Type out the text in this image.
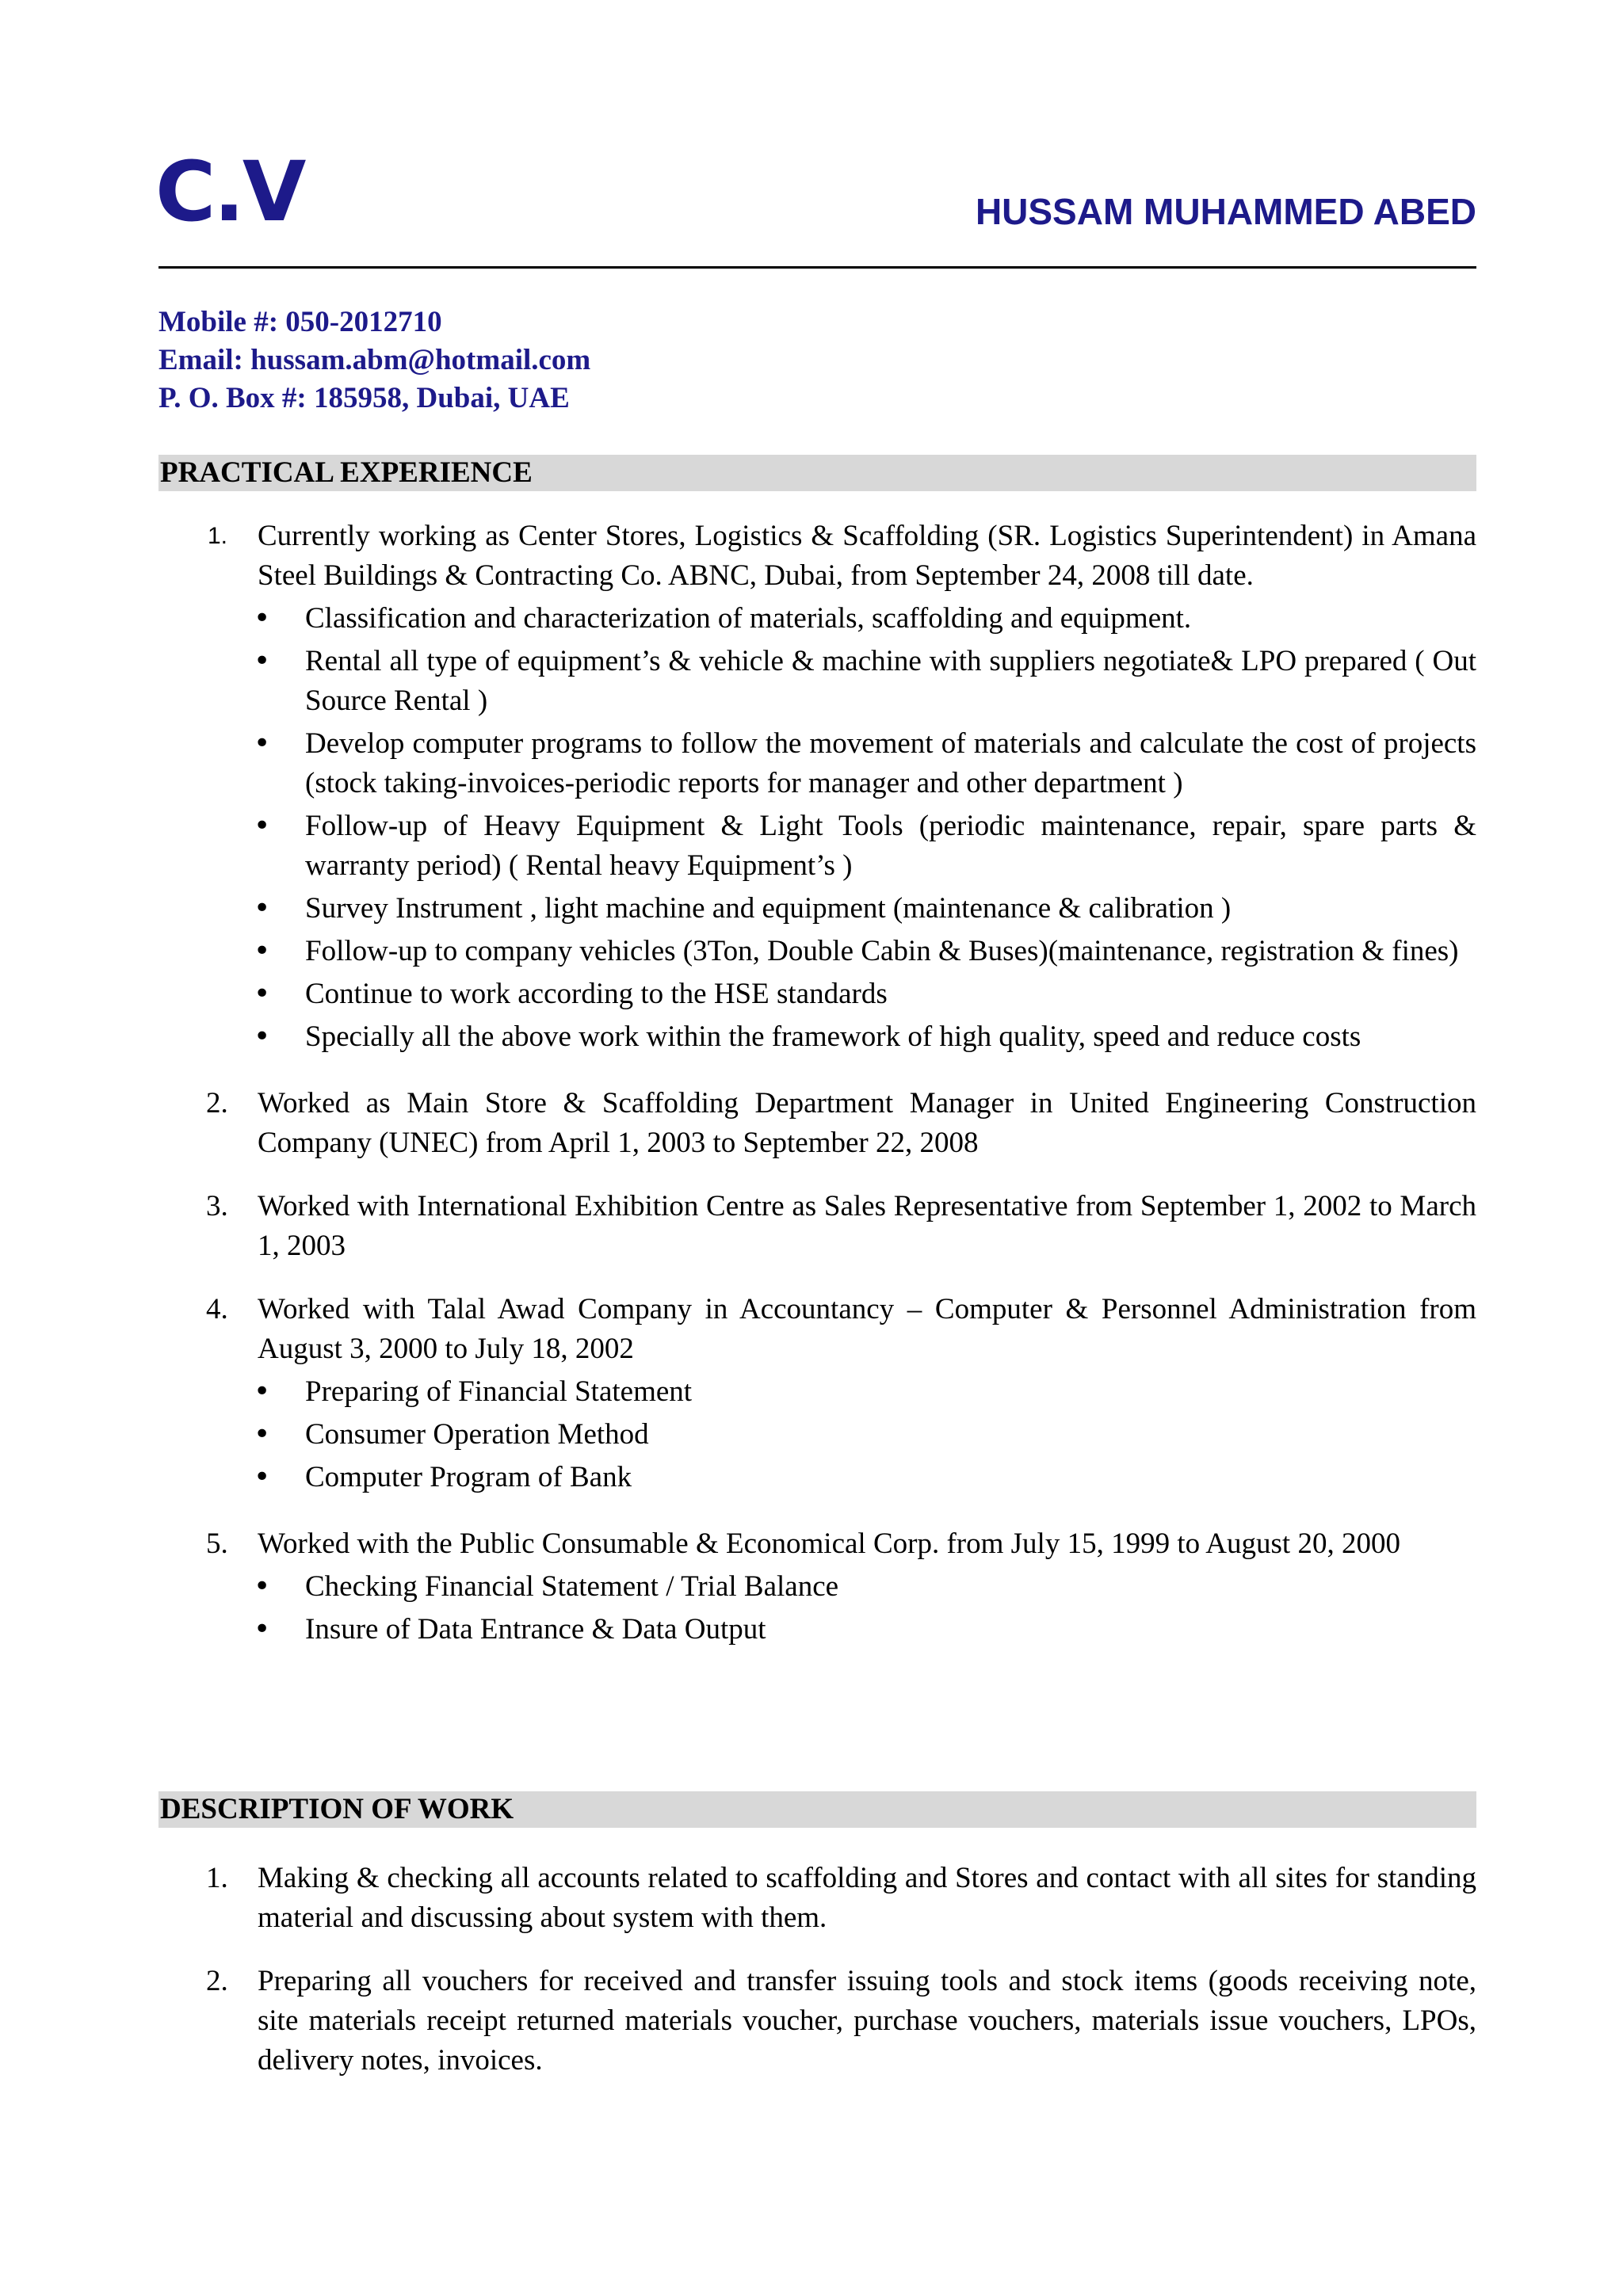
C.V	HUSSAM MUHAMMED ABED
Mobile #: 050-2012710
Email: hussam.abm@hotmail.com
P. O. Box #: 185958, Dubai, UAE
PRACTICAL EXPERIENCE
1. Currently working as Center Stores, Logistics & Scaffolding (SR. Logistics Superintendent) in Amana Steel Buildings & Contracting Co. ABNC, Dubai, from September 24, 2008 till date.
• Classification and characterization of materials, scaffolding and equipment.
• Rental all type of equipment’s & vehicle & machine with suppliers negotiate& LPO prepared ( Out Source Rental )
• Develop computer programs to follow the movement of materials and calculate the cost of projects (stock taking-invoices-periodic reports for manager and other department )
• Follow-up of Heavy Equipment & Light Tools (periodic maintenance, repair, spare parts & warranty period) ( Rental heavy Equipment’s )
• Survey Instrument , light machine and equipment (maintenance & calibration )
• Follow-up to company vehicles (3Ton, Double Cabin & Buses)(maintenance, registration & fines)
• Continue to work according to the HSE standards
• Specially all the above work within the framework of high quality, speed and reduce costs
2. Worked as Main Store & Scaffolding Department Manager in United Engineering Construction Company (UNEC) from April 1, 2003 to September 22, 2008
3. Worked with International Exhibition Centre as Sales Representative from September 1, 2002 to March 1, 2003
4. Worked with Talal Awad Company in Accountancy – Computer & Personnel Administration from August 3, 2000 to July 18, 2002
• Preparing of Financial Statement
• Consumer Operation Method
• Computer Program of Bank
5. Worked with the Public Consumable & Economical Corp. from July 15, 1999 to August 20, 2000
• Checking Financial Statement / Trial Balance
• Insure of Data Entrance & Data Output
DESCRIPTION OF WORK
1. Making & checking all accounts related to scaffolding and Stores and contact with all sites for standing material and discussing about system with them.
2. Preparing all vouchers for received and transfer issuing tools and stock items (goods receiving note, site materials receipt returned materials voucher, purchase vouchers, materials issue vouchers, LPOs, delivery notes, invoices.
